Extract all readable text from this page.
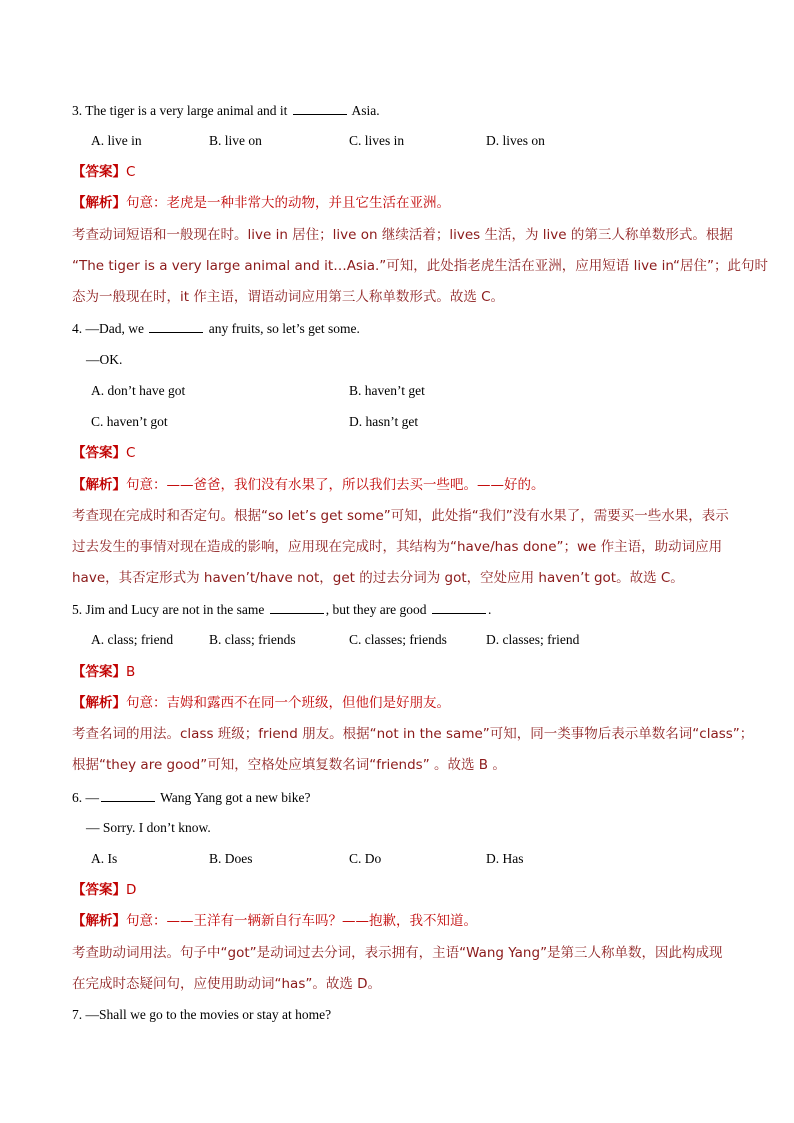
3. The tiger is a very large animal and it	Asia.
A. live in	B. live on	C. lives in	D. lives on
【答案】C
【解析】句意：老虎是一种非常大的动物，并且它生活在亚洲。
考查动词短语和一般现在时。live in 居住；live on 继续活着；lives 生活，为 live 的第三人称单数形式。根据
“The tiger is a very large animal and it…Asia.”可知，此处指老虎生活在亚洲，应用短语 live in“居住”；此句时
态为一般现在时，it 作主语，谓语动词应用第三人称单数形式。故选 C。
4. —Dad, we	any fruits, so let’s get some.
—OK.
A. don’t have got	B. haven’t get
C. haven’t got	D. hasn’t get
【答案】C
【解析】句意：——爸爸，我们没有水果了，所以我们去买一些吧。——好的。
考查现在完成时和否定句。根据“so let’s get some”可知，此处指“我们”没有水果了，需要买一些水果，表示
过去发生的事情对现在造成的影响，应用现在完成时，其结构为“have/has done”；we 作主语，助动词应用
have，其否定形式为 haven’t/have not，get 的过去分词为 got，空处应用 haven’t got。故选 C。
5. Jim and Lucy are not in the same	, but they are good	.
A. class; friend	B. class; friends	C. classes; friends	D. classes; friend
【答案】B
【解析】句意：吉姆和露西不在同一个班级，但他们是好朋友。
考查名词的用法。class 班级；friend 朋友。根据“not in the same”可知，同一类事物后表示单数名词“class”；
根据“they are good”可知，空格处应填复数名词“friends” 。故选 B 。
6. —	Wang Yang got a new bike?
— Sorry. I don’t know.
A. Is	B. Does	C. Do	D. Has
【答案】D
【解析】句意：——王洋有一辆新自行车吗？——抱歉，我不知道。
考查助动词用法。句子中“got”是动词过去分词，表示拥有，主语“Wang Yang”是第三人称单数，因此构成现
在完成时态疑问句，应使用助动词“has”。故选 D。
7. —Shall we go to the movies or stay at home?
